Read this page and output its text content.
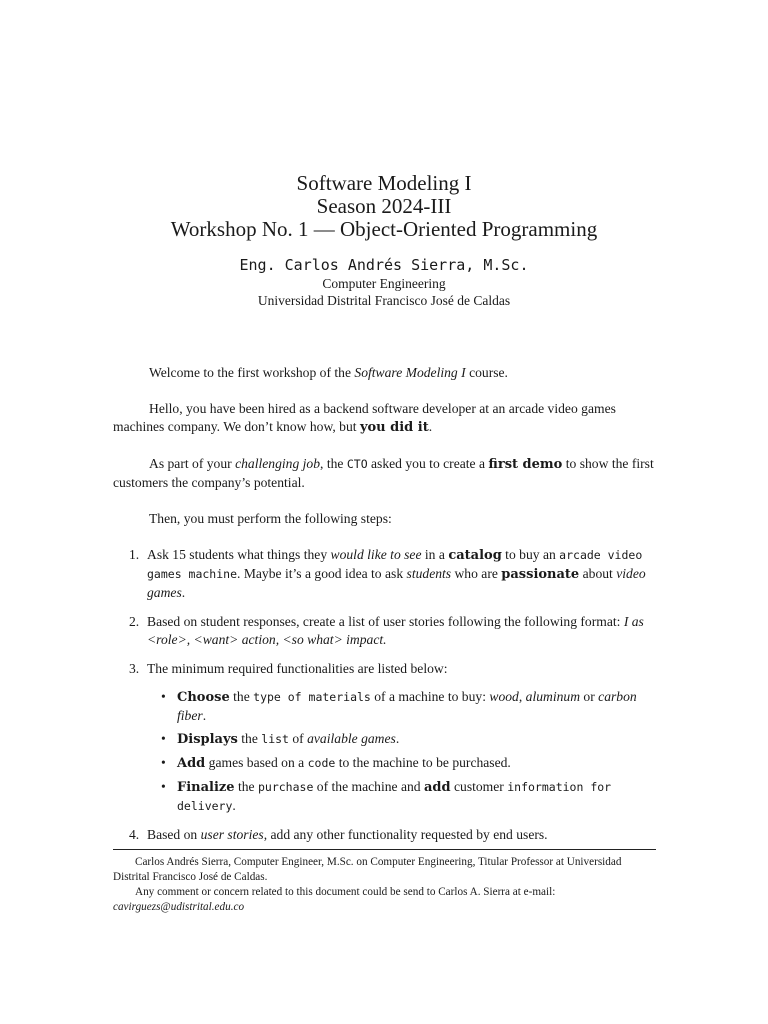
Software Modeling I
Season 2024-III
Workshop No. 1 — Object-Oriented Programming
Eng. Carlos Andrés Sierra, M.Sc.
Computer Engineering
Universidad Distrital Francisco José de Caldas

Welcome to the first workshop of the Software Modeling I course.

Hello, you have been hired as a backend software developer at an arcade video games machines company. We don’t know how, but you did it.

As part of your challenging job, the CTO asked you to create a first demo to show the first customers the company’s potential.

Then, you must perform the following steps:

1. Ask 15 students what things they would like to see in a catalog to buy an arcade video games machine. Maybe it’s a good idea to ask students who are passionate about video games.
2. Based on student responses, create a list of user stories following the following format: I as <role>, <want> action, <so what> impact.
3. The minimum required functionalities are listed below:
• Choose the type of materials of a machine to buy: wood, aluminum or carbon fiber.
• Displays the list of available games.
• Add games based on a code to the machine to be purchased.
• Finalize the purchase of the machine and add customer information for delivery.
4. Based on user stories, add any other functionality requested by end users.

Carlos Andrés Sierra, Computer Engineer, M.Sc. on Computer Engineering, Titular Professor at Universidad Distrital Francisco José de Caldas.

Any comment or concern related to this document could be send to Carlos A. Sierra at e-mail: cavirguezs@udistrital.edu.co
